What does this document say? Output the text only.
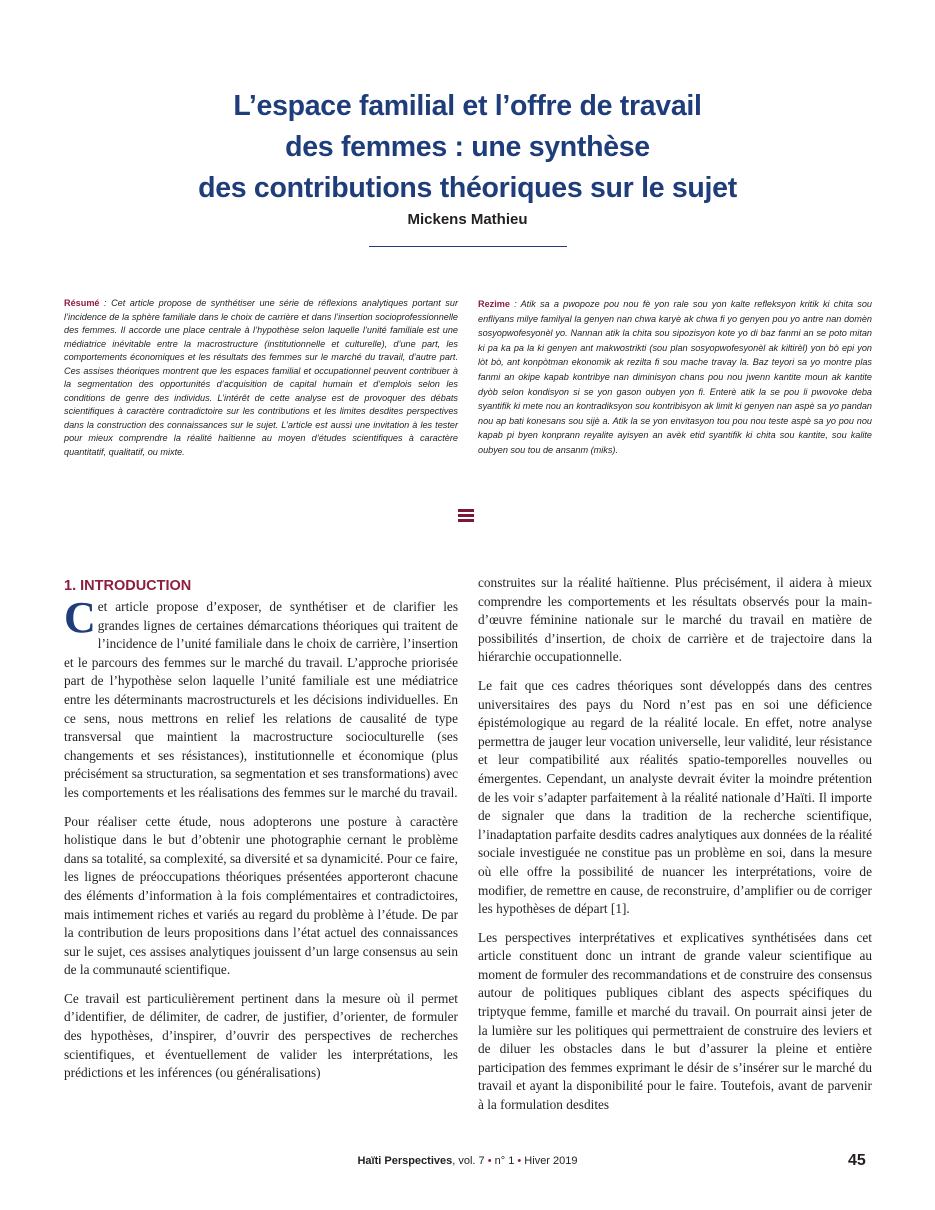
L’espace familial et l’offre de travail
des femmes : une synthèse
des contributions théoriques sur le sujet
Mickens Mathieu
Résumé : Cet article propose de synthétiser une série de réflexions analytiques portant sur l’incidence de la sphère familiale dans le choix de carrière et dans l’insertion socioprofessionnelle des femmes. Il accorde une place centrale à l’hypothèse selon laquelle l’unité familiale est une médiatrice inévitable entre la macrostructure (institutionnelle et culturelle), d’une part, les comportements économiques et les résultats des femmes sur le marché du travail, d’autre part. Ces assises théoriques montrent que les espaces familial et occupationnel peuvent contribuer à la segmentation des opportunités d’acquisition de capital humain et d’emplois selon les conditions de genre des individus. L’intérêt de cette analyse est de provoquer des débats scientifiques à caractère contradictoire sur les contributions et les limites desdites perspectives dans la construction des connaissances sur le sujet. L’article est aussi une invitation à les tester pour mieux comprendre la réalité haïtienne au moyen d’études scientifiques à caractère quantitatif, qualitatif, ou mixte.
Rezime : Atik sa a pwopoze pou nou fè yon rale sou yon kalte refleksyon kritik ki chita sou enfliyans milye familyal la genyen nan chwa karyè ak chwa fi yo genyen pou yo antre nan domèn sosyopwofesyonèl yo. Nannan atik la chita sou sipozisyon kote yo di baz fanmi an se poto mitan ki pa ka pa la ki genyen ant makwostrikti (sou plan sosyopwofesyonèl ak kiltirèl) yon bò epi yon lòt bò, ant konpòtman ekonomik ak rezilta fi sou mache travay la. Baz teyori sa yo montre plas fanmi an okipe kapab kontribye nan diminisyon chans pou nou jwenn kantite moun ak kantite dyòb selon kondisyon si se yon gason oubyen yon fi. Enterè atik la se pou li pwovoke deba syantifik ki mete nou an kontradiksyon sou kontribisyon ak limit ki genyen nan aspè sa yo pandan nou ap bati konesans sou sijè a. Atik la se yon envitasyon tou pou nou teste aspè sa yo pou nou kapab pi byen konprann reyalite ayisyen an avèk etid syantifik ki chita sou kantite, sou kalite oubyen sou tou de ansanm (miks).
1. INTRODUCTION

Cet article propose d’exposer, de synthétiser et de clarifier les grandes lignes de certaines démarcations théoriques qui traitent de l’incidence de l’unité familiale dans le choix de carrière, l’insertion et le parcours des femmes sur le marché du travail. L’approche priorisée part de l’hypothèse selon laquelle l’unité familiale est une médiatrice entre les déterminants macrostructurels et les décisions individuelles. En ce sens, nous mettrons en relief les relations de causalité de type transversal que maintient la macrostructure socioculturelle (ses changements et ses résistances), institutionnelle et économique (plus précisément sa structuration, sa segmentation et ses transformations) avec les comportements et les réalisations des femmes sur le marché du travail.

Pour réaliser cette étude, nous adopterons une posture à caractère holistique dans le but d’obtenir une photographie cernant le problème dans sa totalité, sa complexité, sa diversité et sa dynamicité. Pour ce faire, les lignes de préoccupations théoriques présentées apporteront chacune des éléments d’information à la fois complémentaires et contradictoires, mais intimement riches et variés au regard du problème à l’étude. De par la contribution de leurs propositions dans l’état actuel des connaissances sur le sujet, ces assises analytiques jouissent d’un large consensus au sein de la communauté scientifique.

Ce travail est particulièrement pertinent dans la mesure où il permet d’identifier, de délimiter, de cadrer, de justifier, d’orienter, de formuler des hypothèses, d’inspirer, d’ouvrir des perspectives de recherches scientifiques, et éventuellement de valider les interprétations, les prédictions et les inférences (ou généralisations)

construites sur la réalité haïtienne. Plus précisément, il aidera à mieux comprendre les comportements et les résultats observés pour la main-d’œuvre féminine nationale sur le marché du travail en matière de possibilités d’insertion, de choix de carrière et de trajectoire dans la hiérarchie occupationnelle.

Le fait que ces cadres théoriques sont développés dans des centres universitaires des pays du Nord n’est pas en soi une déficience épistémologique au regard de la réalité locale. En effet, notre analyse permettra de jauger leur vocation universelle, leur validité, leur résistance et leur compatibilité aux réalités spatio-temporelles nouvelles ou émergentes. Cependant, un analyste devrait éviter la moindre prétention de les voir s’adapter parfaitement à la réalité nationale d’Haïti. Il importe de signaler que dans la tradition de la recherche scientifique, l’inadaptation parfaite desdits cadres analytiques aux données de la réalité sociale investiguée ne constitue pas un problème en soi, dans la mesure où elle offre la possibilité de nuancer les interprétations, voire de modifier, de remettre en cause, de reconstruire, d’amplifier ou de corriger les hypothèses de départ [1].

Les perspectives interprétatives et explicatives synthétisées dans cet article constituent donc un intrant de grande valeur scientifique au moment de formuler des recommandations et de construire des consensus autour de politiques publiques ciblant des aspects spécifiques du triptyque femme, famille et marché du travail. On pourrait ainsi jeter de la lumière sur les politiques qui permettraient de construire des leviers et de diluer les obstacles dans le but d’assurer la pleine et entière participation des femmes exprimant le désir de s’insérer sur le marché du travail et ayant la disponibilité pour le faire. Toutefois, avant de parvenir à la formulation desdites

Haïti Perspectives, vol. 7 • n° 1 • Hiver 2019	45
